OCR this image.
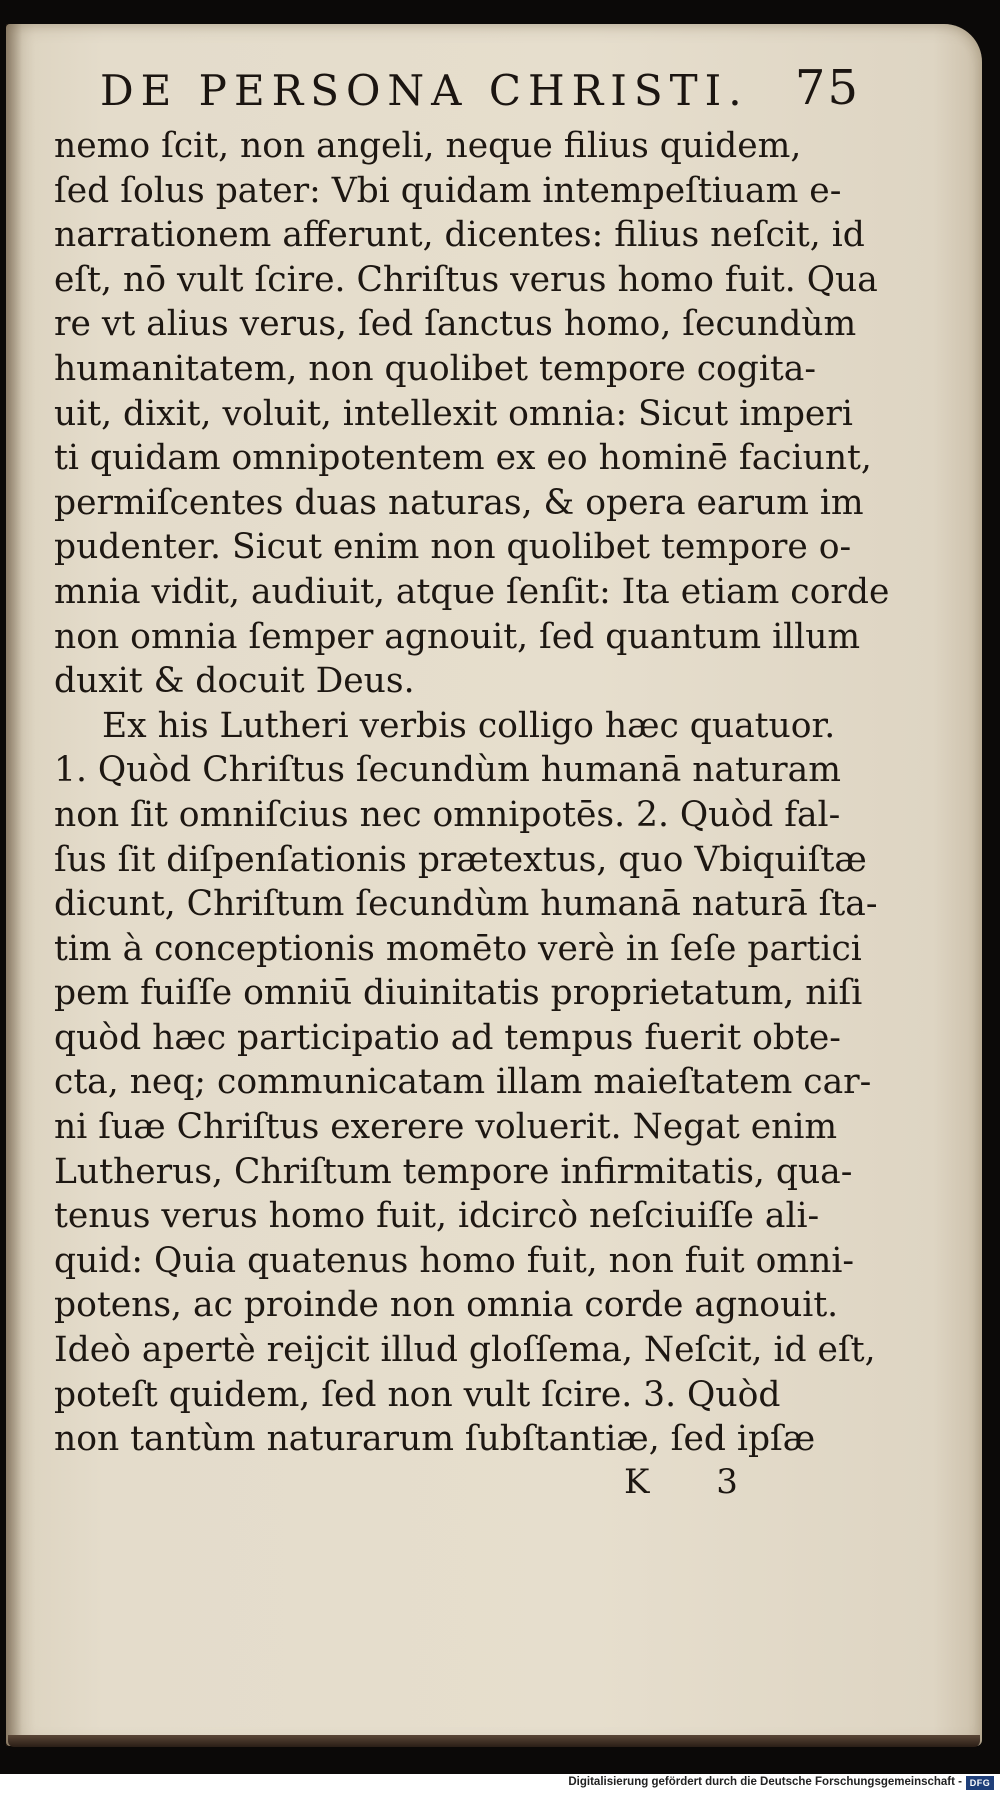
DE PERSONA CHRISTI. 75
nemo ſcit, non angeli, neque filius quidem,
ſed ſolus pater: Vbi quidam intempeſtiuam e-
narrationem afferunt, dicentes: filius neſcit, id
eſt, nō vult ſcire. Chriſtus verus homo fuit. Qua
re vt alius verus, ſed ſanctus homo, ſecundùm
humanitatem, non quolibet tempore cogita-
uit, dixit, voluit, intellexit omnia: Sicut imperi
ti quidam omnipotentem ex eo hominē faciunt,
permiſcentes duas naturas, & opera earum im
pudenter. Sicut enim non quolibet tempore o-
mnia vidit, audiuit, atque ſenſit: Ita etiam corde
non omnia ſemper agnouit, ſed quantum illum
duxit & docuit Deus.
Ex his Lutheri verbis colligo hæc quatuor.
1. Quòd Chriſtus ſecundùm humanā naturam
non ſit omniſcius nec omnipotēs. 2. Quòd fal-
ſus ſit diſpenſationis prætextus, quo Vbiquiſtæ
dicunt, Chriſtum ſecundùm humanā naturā ſta-
tim à conceptionis momēto verè in ſeſe partici
pem fuiſſe omniū diuinitatis proprietatum, niſi
quòd hæc participatio ad tempus fuerit obte-
cta, neq; communicatam illam maieſtatem car-
ni ſuæ Chriſtus exerere voluerit. Negat enim
Lutherus, Chriſtum tempore infirmitatis, qua-
tenus verus homo fuit, idcircò neſciuiſſe ali-
quid: Quia quatenus homo fuit, non fuit omni-
potens, ac proinde non omnia corde agnouit.
Ideò apertè reijcit illud gloſſema, Neſcit, id eſt,
poteſt quidem, ſed non vult ſcire. 3. Quòd
non tantùm naturarum ſubſtantiæ, ſed ipſæ
K 3
Digitalisierung gefördert durch die Deutsche Forschungsgemeinschaft - DFG
